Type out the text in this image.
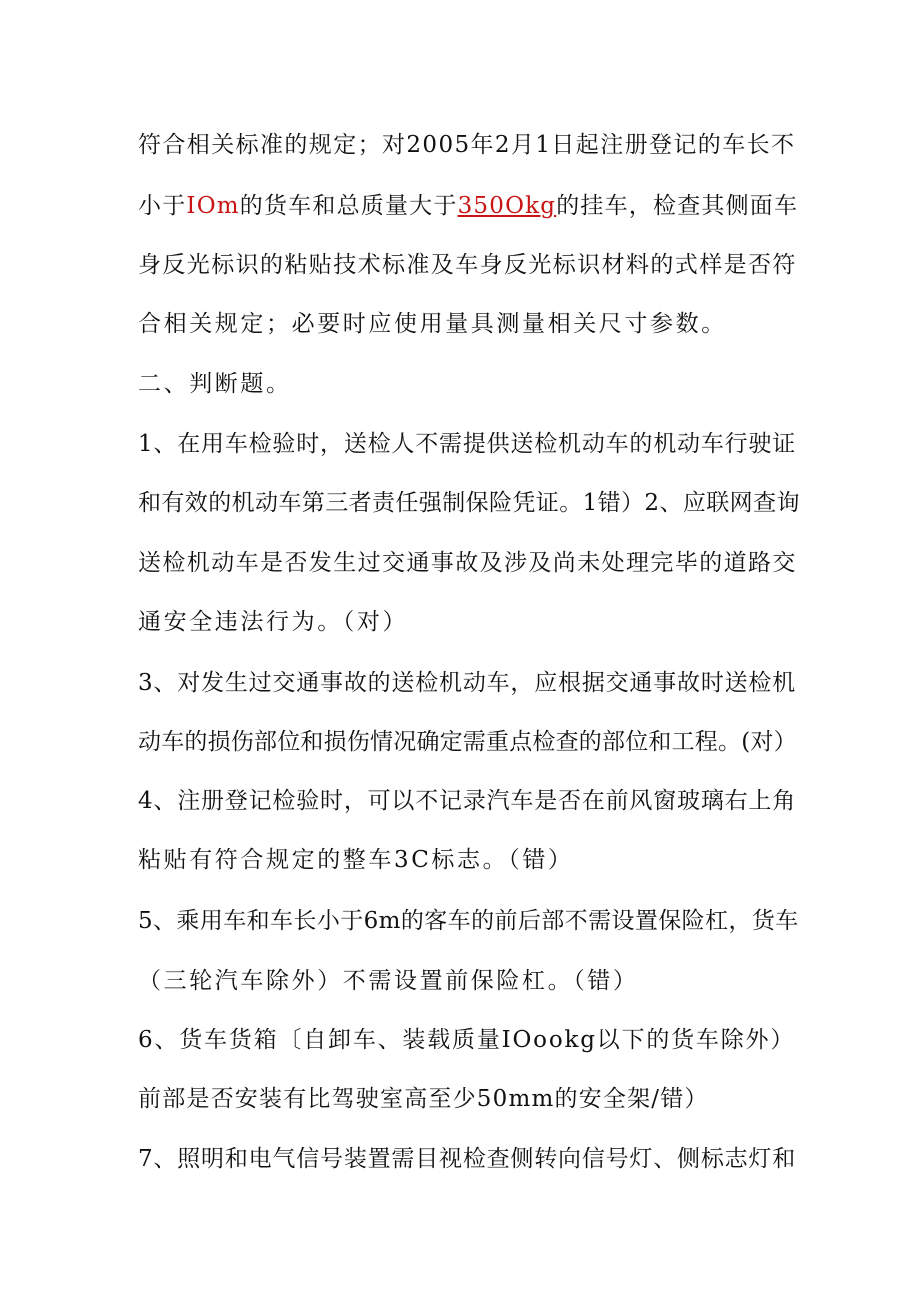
符合相关标准的规定；对2005年2月1日起注册登记的车长不
小于IOm的货车和总质量大于350Okg的挂车，检查其侧面车
身反光标识的粘贴技术标准及车身反光标识材料的式样是否符
合相关规定；必要时应使用量具测量相关尺寸参数。
二、判断题。
1、在用车检验时，送检人不需提供送检机动车的机动车行驶证
和有效的机动车第三者责任强制保险凭证。1错）2、应联网查询
送检机动车是否发生过交通事故及涉及尚未处理完毕的道路交
通安全违法行为。（对）
3、对发生过交通事故的送检机动车，应根据交通事故时送检机
动车的损伤部位和损伤情况确定需重点检查的部位和工程。(对）
4、注册登记检验时，可以不记录汽车是否在前风窗玻璃右上角
粘贴有符合规定的整车3C标志。（错）
5、乘用车和车长小于6m的客车的前后部不需设置保险杠，货车
（三轮汽车除外）不需设置前保险杠。（错）
6、货车货箱〔自卸车、装载质量IOookg以下的货车除外）
前部是否安装有比驾驶室高至少50mm的安全架/错）
7、照明和电气信号装置需目视检查侧转向信号灯、侧标志灯和
